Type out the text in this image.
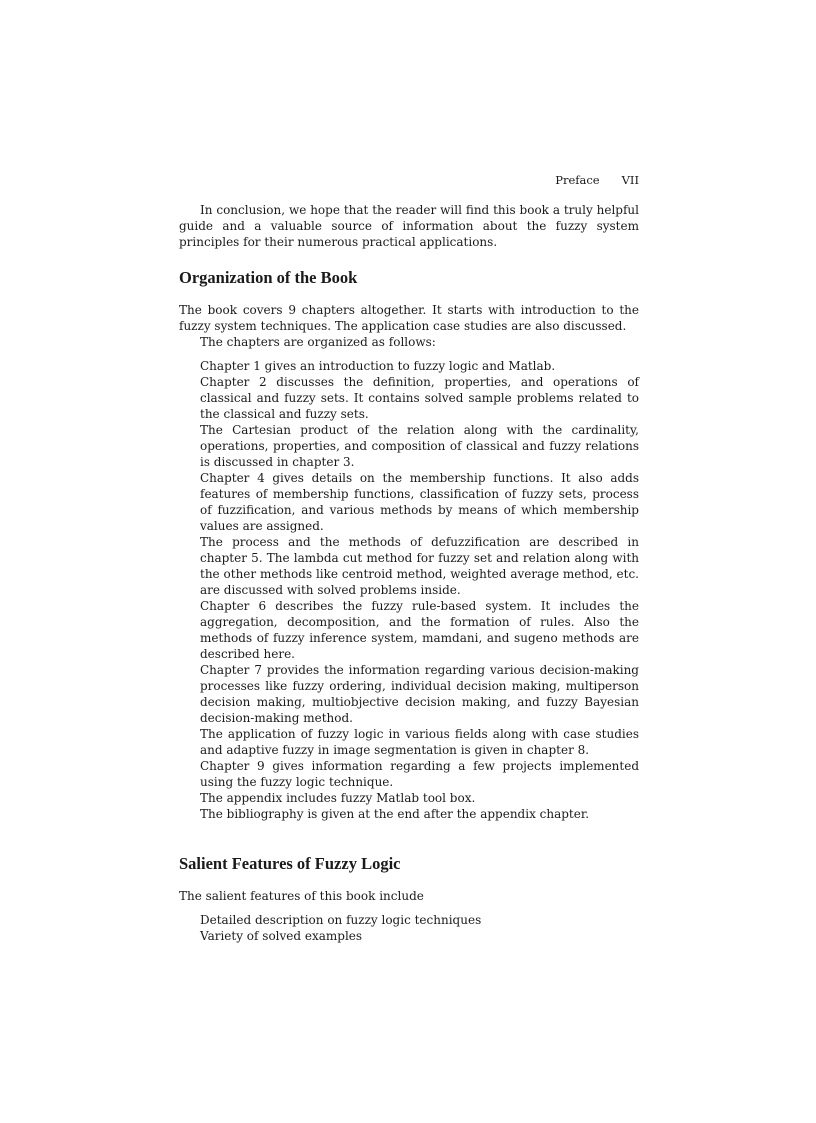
Preface VII

In conclusion, we hope that the reader will find this book a truly helpful guide and a valuable source of information about the fuzzy system principles for their numerous practical applications.

Organization of the Book

The book covers 9 chapters altogether. It starts with introduction to the fuzzy system techniques. The application case studies are also discussed.

The chapters are organized as follows:

Chapter 1 gives an introduction to fuzzy logic and Matlab.

Chapter 2 discusses the definition, properties, and operations of classical and fuzzy sets. It contains solved sample problems related to the classical and fuzzy sets.

The Cartesian product of the relation along with the cardinality, operations, properties, and composition of classical and fuzzy relations is discussed in chapter 3.

Chapter 4 gives details on the membership functions. It also adds features of membership functions, classification of fuzzy sets, process of fuzzification, and various methods by means of which membership values are assigned.

The process and the methods of defuzzification are described in chapter 5. The lambda cut method for fuzzy set and relation along with the other methods like centroid method, weighted average method, etc. are discussed with solved problems inside.

Chapter 6 describes the fuzzy rule-based system. It includes the aggregation, decomposition, and the formation of rules. Also the methods of fuzzy inference system, mamdani, and sugeno methods are described here.

Chapter 7 provides the information regarding various decision-making processes like fuzzy ordering, individual decision making, multiperson decision making, multiobjective decision making, and fuzzy Bayesian decision-making method.

The application of fuzzy logic in various fields along with case studies and adaptive fuzzy in image segmentation is given in chapter 8.

Chapter 9 gives information regarding a few projects implemented using the fuzzy logic technique.

The appendix includes fuzzy Matlab tool box.

The bibliography is given at the end after the appendix chapter.

Salient Features of Fuzzy Logic

The salient features of this book include

Detailed description on fuzzy logic techniques

Variety of solved examples
